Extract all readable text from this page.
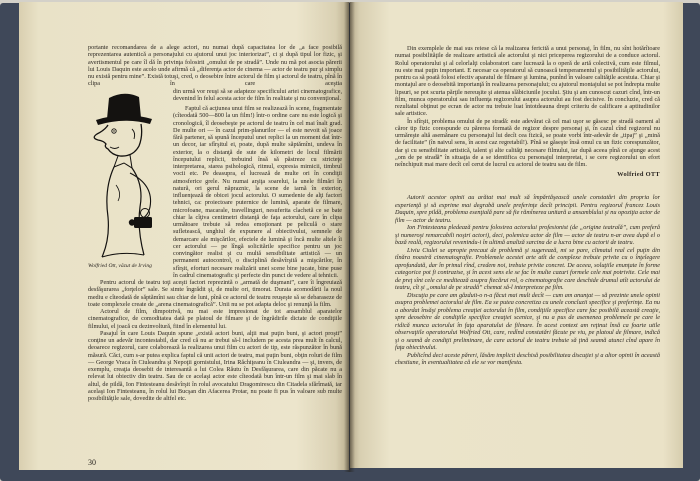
portante recomandarea de a alege actori, nu numai după capacitatea lor de „a face posibilă reprezentarea autentică a personajului cu ajutorul unui joc interiorizat”, ci şi după tipul lor fizic, şi avertismentul pe care îl dă în privinţa folosirii „omului de pe stradă”. Unde nu mă pot asocia părerii lui Louis Daquin este acolo unde afirmă că „diferenţa actor de cinema — actor de teatru pur şi simplu nu există pentru mine”. Există totuşi, cred, o deosebire între actorul de film şi actorul de teatru, pînă în clipa în care aceştia

Wolfried Ott, văzut de Irving

din urmă vor reuşi să se adapteze specificului artei cinematografice, devenind în felul acesta actor de film în realitate şi nu convenţional.

Faptul că acţiunea unui film se realizează în scene, fragmentate (cîteodată 500—800 la un film!) într-o ordine care nu este logică şi cronologică, îl deosebeşte pe actorul de teatru în cel mai înalt grad. De multe ori — în cazul prim-planurilor — el este nevoit să joace fără partener, să spună începutul unei replici la un moment dat într-un decor, iar sfîrşitul ei, poate, după multe săptămîni, undeva în exterior, la o distanţă de sute de kilometri de locul filmării începutului replicii, trebuind însă să păstreze cu stricteţe interpretarea, starea psihologică, ritmul, expresia mimicii, timbrul vocii etc. Pe deasupra, el lucrează de multe ori în condiţii atmosferice grele. Nu numai arşiţa soarelui, la unele filmări în natură, ori gerul năpraznic, la scene de iarnă în exterior, influenţează de obicei jocul actorului. O sumedenie de alţi factori tehnici, ca: proiectoare puternice de lumină, aparate de filmare, microfoane, macarale, travellinguri, nesuferita clachetă ce se bate chiar la cîţiva centimetri distanţă de faţa actorului, care în clipa următoare trebuie să redea emoţionant pe peliculă o stare sufletească, unghiul de expunere al obiectivului, semnele de demarcare ale mişcărilor, efectele de lumină şi încă multe altele îi cer actorului — pe lîngă solicitările specifice pentru un joc convingător realist şi cu multă sensibilitate artistică — un permanent autocontrol, o disciplină desăvîrşită a mişcărilor, în sfîrşit, eforturi necesare realizării unei scene bine jucate, bine puse în cadrul cinematografic şi perfecte din punct de vedere al tehnicii.

Pentru actorul de teatru toţi aceşti factori reprezintă o „armată de duşmani”, care îi îngreuiază desfăşurarea „forţelor” sale. Se simte îngrădit şi, de multe ori, timorat. Durata acomodării la noul mediu e cîteodată de săptămîni sau chiar de luni, pînă ce actorul de teatru reuşeşte să se debaraseze de toate complexele create de „arena cinematografică”. Unii nu se pot adapta deloc şi renunţă la film.

Actorul de film, dimpotrivă, nu mai este impresionat de tot ansamblul aparatelor cinematografice, de comoditatea dată pe platoul de filmare şi de îngrădirile dictate de condiţiile filmului, el joacă cu dezinvoltură, fiind în elementul lui.

Pasajul în care Louis Daquin spune „există actori buni, alţii mai puţin buni, şi actori proşti” conţine un adevăr incontestabil, dar cred că nu ar trebui să-l includem pe acesta prea mult în calcul, deoarece regizorul, care colaborează la realizarea unui film cu actori de tip, este răspunzător în bună măsură. Căci, cum s-ar putea explica faptul că unii actori de teatru, mai puţin buni, obţin roluri de film — George Vraca în Ciuleandra şi Nepoţii gornistului, Irina Răchiţeanu în Ciuleandra — şi, invers, de exemplu, creaţia deosebit de interesantă a lui Colea Răutu în Desfăşurarea, care din păcate nu a relevat lui obiectiv din teatru. Sau de ce acelaşi actor este cîteodată bun într-un film şi mai slab în altul, de pildă, Ion Fintesteanu desăvîrşit în rolul avocatului Dragomirescu din Citadela sfărîmată, iar acelaşi Ion Fintesteanu, în rolul lui Bucşan din Afacerea Protar, nu poate fi pus în valoare sub multe posibilităţile sale, dovedite de altfel etc.

30

Din exemplele de mai sus reiese că la realizarea fericită a unui personaj, în film, nu sînt hotărîtoare numai posibilităţile de realizare artistică ale actorului şi nici priceperea regizorului de a conduce actorul. Rolul operatorului şi al celorlalţi colaboratori care lucrează la o operă de artă colectivă, cum este filmul, nu este mai puţin important. E necesar ca operatorul să cunoască temperamentul şi posibilităţile actorului, pentru ca să poată folosi efectiv aparatul de filmare şi lumina, punînd în valoare calităţile acestuia. Chiar şi montajul are o deosebită importanţă în realizarea personajului; cu ajutorul montajului se pot îndrepta multe lipsuri, se pot scurta părţile nereuşite şi atenua slăbiciunile jocului. Ştiu şi am cunoscut cazuri cînd, într-un film, munca operatorului sau influenţa regizorului asupra actorului au fost decisive. În concluzie, cred că rezultatul obţinut pe ecran de actor nu trebuie luat întotdeauna drept criteriu de calificare a aptitudinilor sale artistice.

În sfîrşit, problema omului de pe stradă: este adevărat că cel mai uşor se găsesc pe stradă oameni al căror tip fizic corespunde cu părerea formată de regizor despre personaj şi, în cazul cînd regizorul nu urmăreşte altă asemănare cu personajul lui decît cea fizică, se poate vorbi într-adevăr de „tipaj” şi „mină de facilitate” (în naivul sens, în acest caz regretabil!). Pînă se găseşte însă omul cu un fizic corespunzător, dar şi cu sensibilitate artistică, talent şi alte calităţi necesare filmului, iar după aceea pînă ce ajunge acest „om de pe stradă” în situaţia de a se identifica cu personajul interpretat, i se cere regizorului un efort neînchipuit mai mare decît cel cerut de lucrul cu actorul de teatru sau de film.

Wolfried OTT

Autorii acestor opinii au arătat mai mult să împărtăşească unele constatări din propria lor experienţă şi să exprime mai degrabă unele preferinţe decît principii. Pentru regizorul francez Louis Daquin, spre pildă, problema esenţială pare să fie rămînerea unitară a ansamblului şi nu opoziţia actor de film — actor de teatru.

Ion Fintesteanu pledează pentru folosirea actorului profesionist (de „origine teatrală”, cum preferă şi numeroşi remarcabili noştri actori), deci, polemica actor de film — actor de teatru n-ar avea după el o bază reală, regizorului revenindu-i în ultimă analiză sarcina de a lucra bine cu actorii de teatru.

Liviu Ciulei se apropie precaut de problemă şi sugerează, mi se pare, climatul real cel puţin din tînăra noastră cinematografie. Problemele acestei arte atît de complexe trebuie privite cu o înţelegere aprofundată, dar în primul rînd, credem noi, trebuie privite concret. De aceea, soluţiile enunţate în forme categorice pot fi contrazise, şi în acest sens ele se fac în multe cazuri formele cele mai potrivite. Cele mai de preţ sînt cele ce meditează asupra fiecărui rol, o cinematografie care deschide drumul atît actorului de teatru, cît şi „omului de pe stradă” chemat să-l interpreteze pe film.

Discuţia pe care am găzduit-o n-a făcut mai mult decît — cum am anunţat — să prezinte unele opinii asupra problemei actorului de film. Ea se putea concretiza cu unele concluzii specifice şi preferinţe. Ea nu a abordat însăşi problema creaţiei actorului în film, condiţiile specifice care fac posibilă această creaţie, spre deosebire de condiţiile specifice creaţiei scenice, şi nu a pus de asemenea problemele pe care le ridică munca actorului în faţa aparatului de filmare. În acest context am reţinut însă ca foarte utile observaţiile operatorului Wolfried Ott, care, redînd constatări făcute pe viu, pe platoul de filmare, indică şi o seamă de condiţii preliminare, de care actorul de teatru trebuie să ţină seamă atunci cînd apare în faţa obiectivului.

Publicînd deci aceste păreri, lăsăm implicit deschisă posibilitatea discuţiei şi a altor opinii în această chestiune, în eventualitatea că ele se vor manifesta.
